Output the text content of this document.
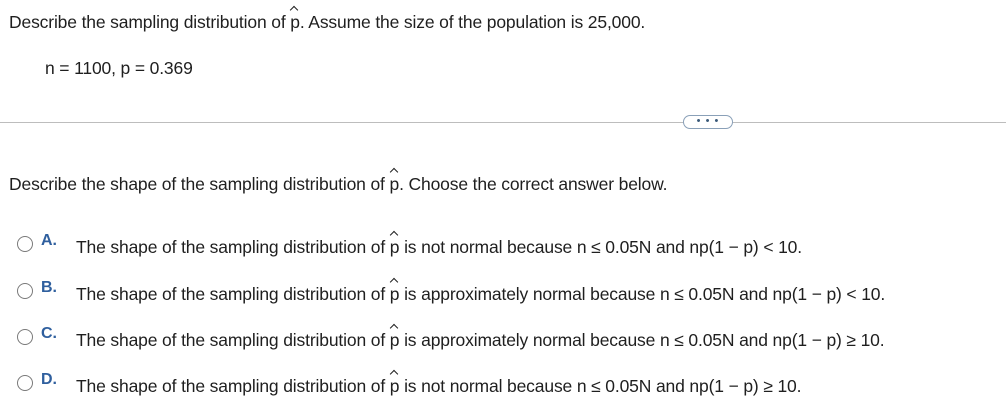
Describe the sampling distribution of p. Assume the size of the population is 25,000.
n = 1100, p = 0.369
• • •
Describe the shape of the sampling distribution of p. Choose the correct answer below.
A. The shape of the sampling distribution of p is not normal because n ≤ 0.05N and np(1 − p) < 10.
B. The shape of the sampling distribution of p is approximately normal because n ≤ 0.05N and np(1 − p) < 10.
C. The shape of the sampling distribution of p is approximately normal because n ≤ 0.05N and np(1 − p) ≥ 10.
D. The shape of the sampling distribution of p is not normal because n ≤ 0.05N and np(1 − p) ≥ 10.
